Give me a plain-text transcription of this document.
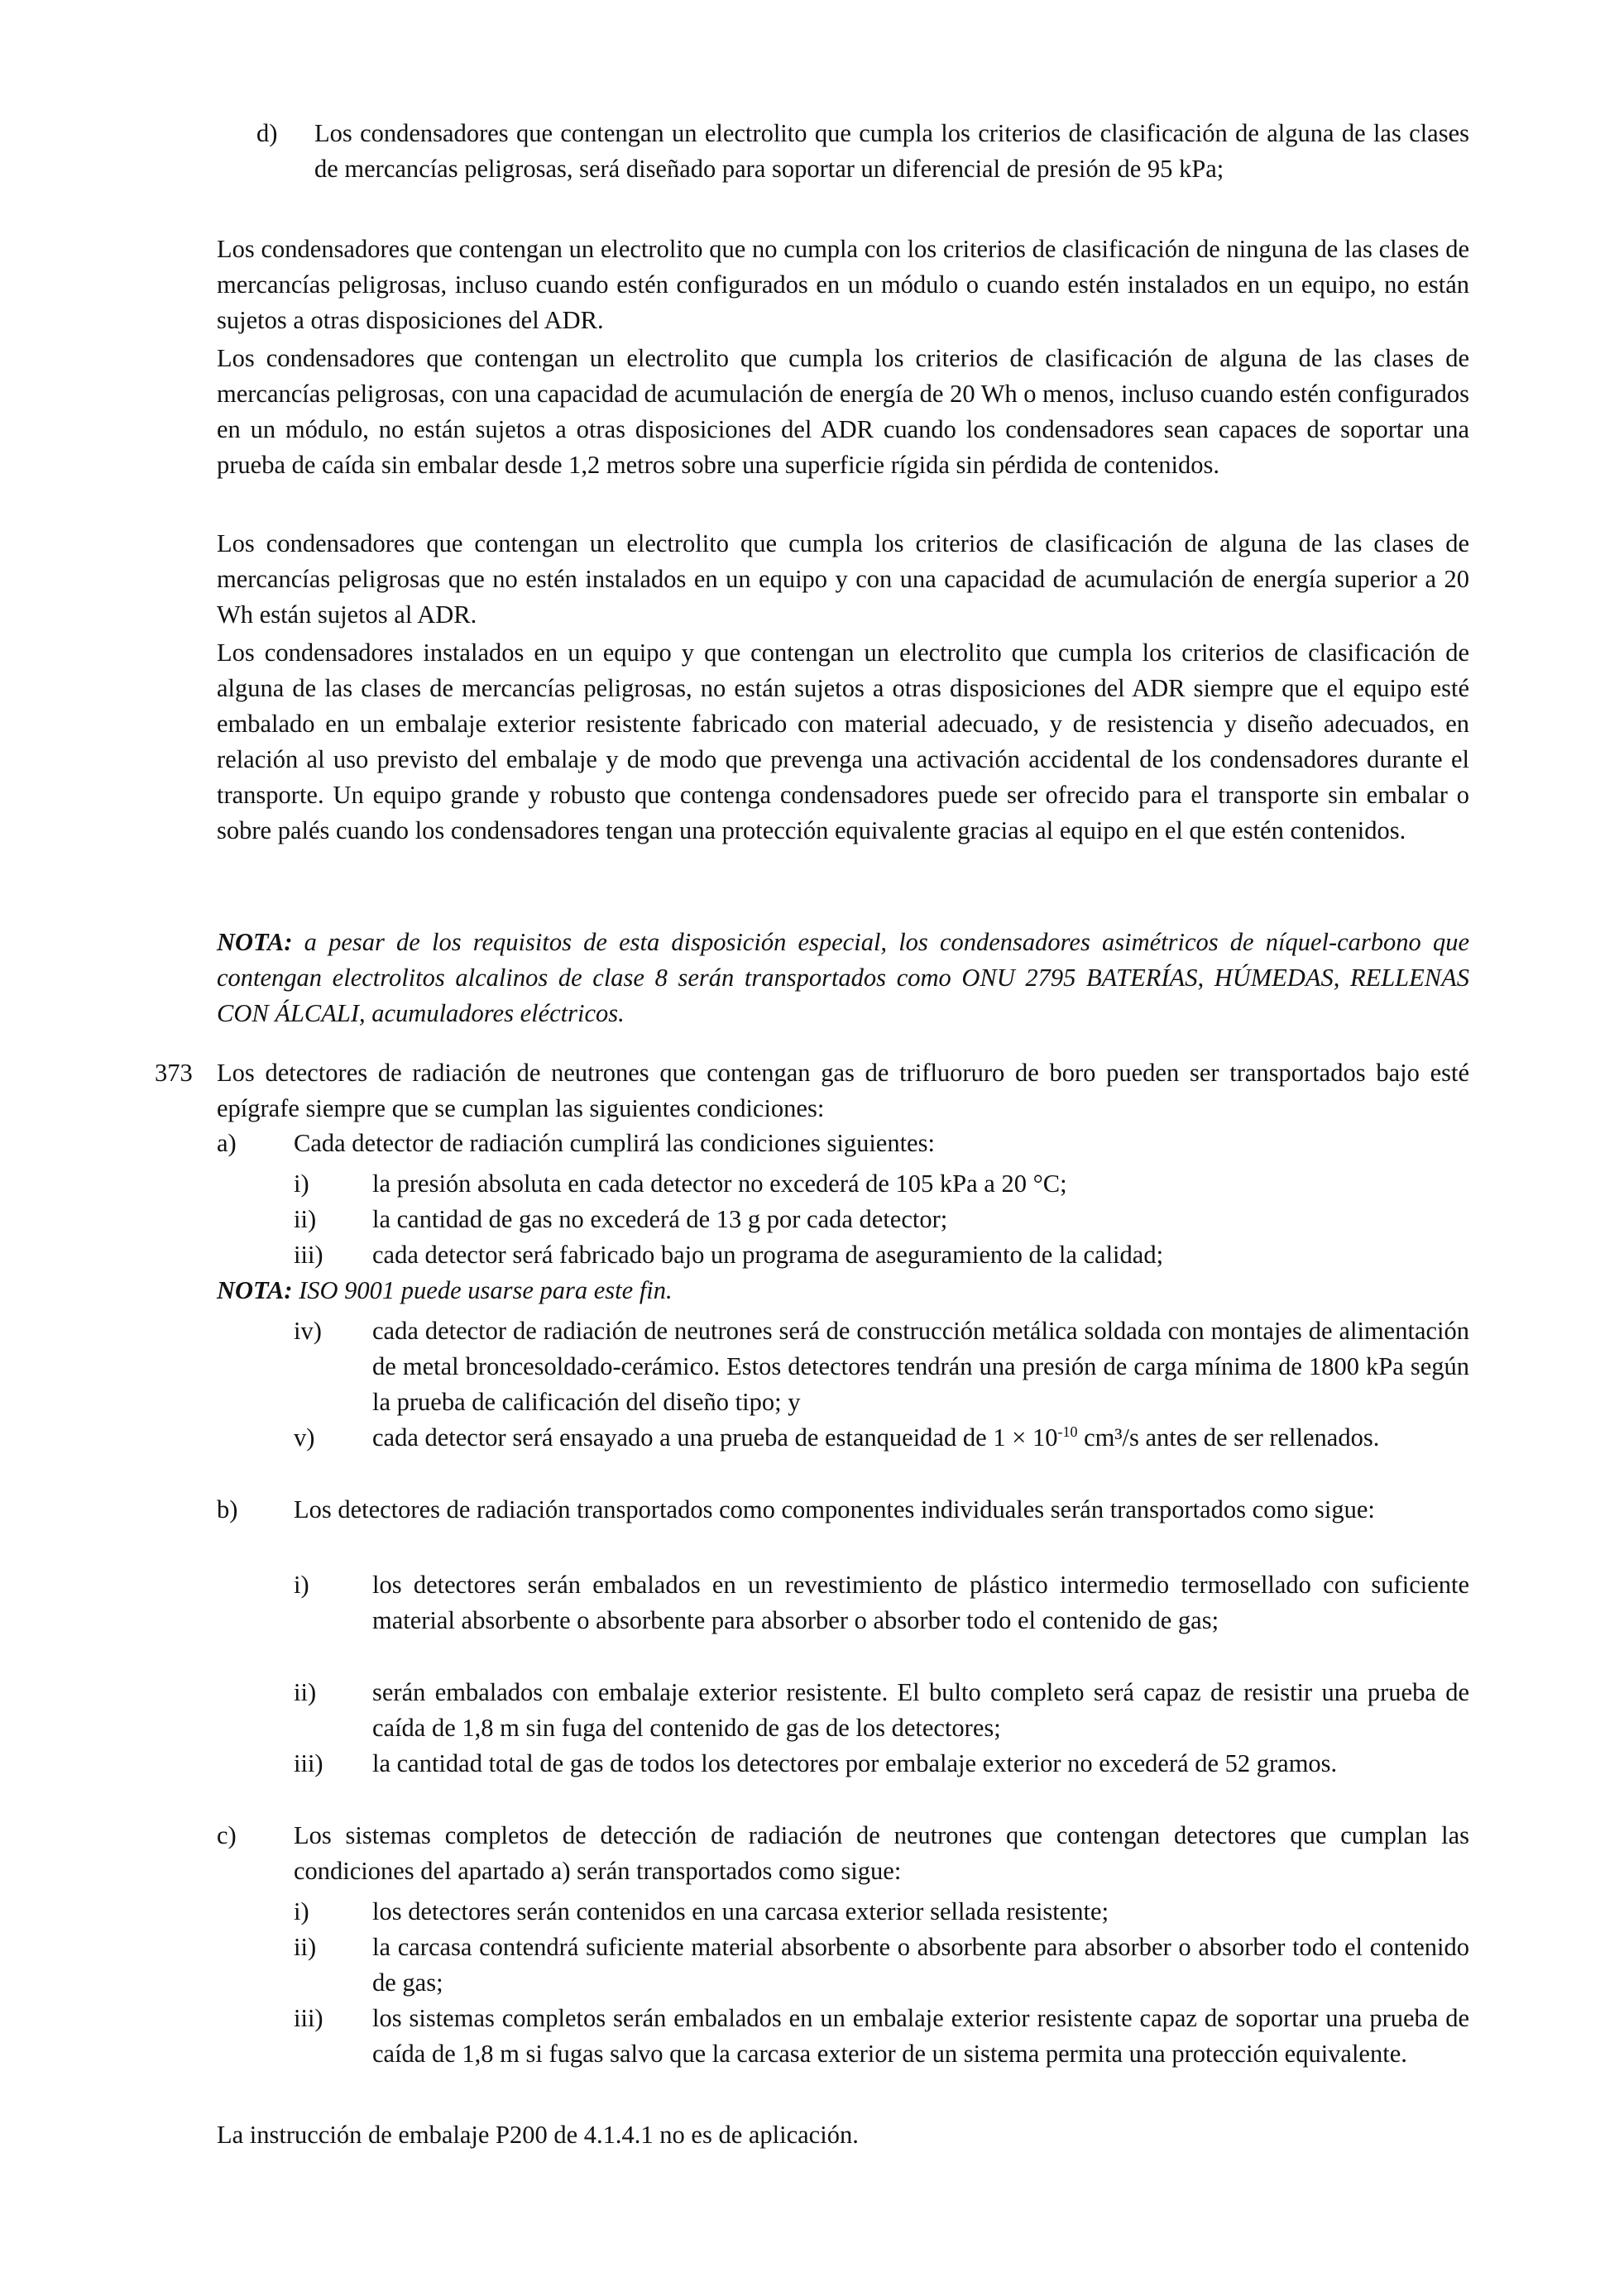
d) Los condensadores que contengan un electrolito que cumpla los criterios de clasificación de alguna de las clases de mercancías peligrosas, será diseñado para soportar un diferencial de presión de 95 kPa;
Los condensadores que contengan un electrolito que no cumpla con los criterios de clasificación de ninguna de las clases de mercancías peligrosas, incluso cuando estén configurados en un módulo o cuando estén instalados en un equipo, no están sujetos a otras disposiciones del ADR.
Los condensadores que contengan un electrolito que cumpla los criterios de clasificación de alguna de las clases de mercancías peligrosas, con una capacidad de acumulación de energía de 20 Wh o menos, incluso cuando estén configurados en un módulo, no están sujetos a otras disposiciones del ADR cuando los condensadores sean capaces de soportar una prueba de caída sin embalar desde 1,2 metros sobre una superficie rígida sin pérdida de contenidos.
Los condensadores que contengan un electrolito que cumpla los criterios de clasificación de alguna de las clases de mercancías peligrosas que no estén instalados en un equipo y con una capacidad de acumulación de energía superior a 20 Wh están sujetos al ADR.
Los condensadores instalados en un equipo y que contengan un electrolito que cumpla los criterios de clasificación de alguna de las clases de mercancías peligrosas, no están sujetos a otras disposiciones del ADR siempre que el equipo esté embalado en un embalaje exterior resistente fabricado con material adecuado, y de resistencia y diseño adecuados, en relación al uso previsto del embalaje y de modo que prevenga una activación accidental de los condensadores durante el transporte. Un equipo grande y robusto que contenga condensadores puede ser ofrecido para el transporte sin embalar o sobre palés cuando los condensadores tengan una protección equivalente gracias al equipo en el que estén contenidos.
NOTA: a pesar de los requisitos de esta disposición especial, los condensadores asimétricos de níquel-carbono que contengan electrolitos alcalinos de clase 8 serán transportados como ONU 2795 BATERÍAS, HÚMEDAS, RELLENAS CON ÁLCALI, acumuladores eléctricos.
373 Los detectores de radiación de neutrones que contengan gas de trifluoruro de boro pueden ser transportados bajo esté epígrafe siempre que se cumplan las siguientes condiciones:
a) Cada detector de radiación cumplirá las condiciones siguientes:
i)	la presión absoluta en cada detector no excederá de 105 kPa a 20 °C;
ii) la cantidad de gas no excederá de 13 g por cada detector;
iii) cada detector será fabricado bajo un programa de aseguramiento de la calidad;
NOTA: ISO 9001 puede usarse para este fin.
iv) cada detector de radiación de neutrones será de construcción metálica soldada con montajes de alimentación de metal broncesoldado-cerámico. Estos detectores tendrán una presión de carga mínima de 1800 kPa según la prueba de calificación del diseño tipo; y
v) cada detector será ensayado a una prueba de estanqueidad de $1 \times 10^{-10}$ cm³/s antes de ser rellenados.
b) Los detectores de radiación transportados como componentes individuales serán transportados como sigue:
i)	los detectores serán embalados en un revestimiento de plástico intermedio termosellado con suficiente material absorbente o absorbente para absorber o absorber todo el contenido de gas;
ii) serán embalados con embalaje exterior resistente. El bulto completo será capaz de resistir una prueba de caída de 1,8 m sin fuga del contenido de gas de los detectores;
iii) la cantidad total de gas de todos los detectores por embalaje exterior no excederá de 52 gramos.
c) Los sistemas completos de detección de radiación de neutrones que contengan detectores que cumplan las condiciones del apartado a) serán transportados como sigue:
i)	los detectores serán contenidos en una carcasa exterior sellada resistente;
ii) la carcasa contendrá suficiente material absorbente o absorbente para absorber o absorber todo el contenido de gas;
iii) los sistemas completos serán embalados en un embalaje exterior resistente capaz de soportar una prueba de caída de 1,8 m si fugas salvo que la carcasa exterior de un sistema permita una protección equivalente.
La instrucción de embalaje P200 de 4.1.4.1 no es de aplicación.
